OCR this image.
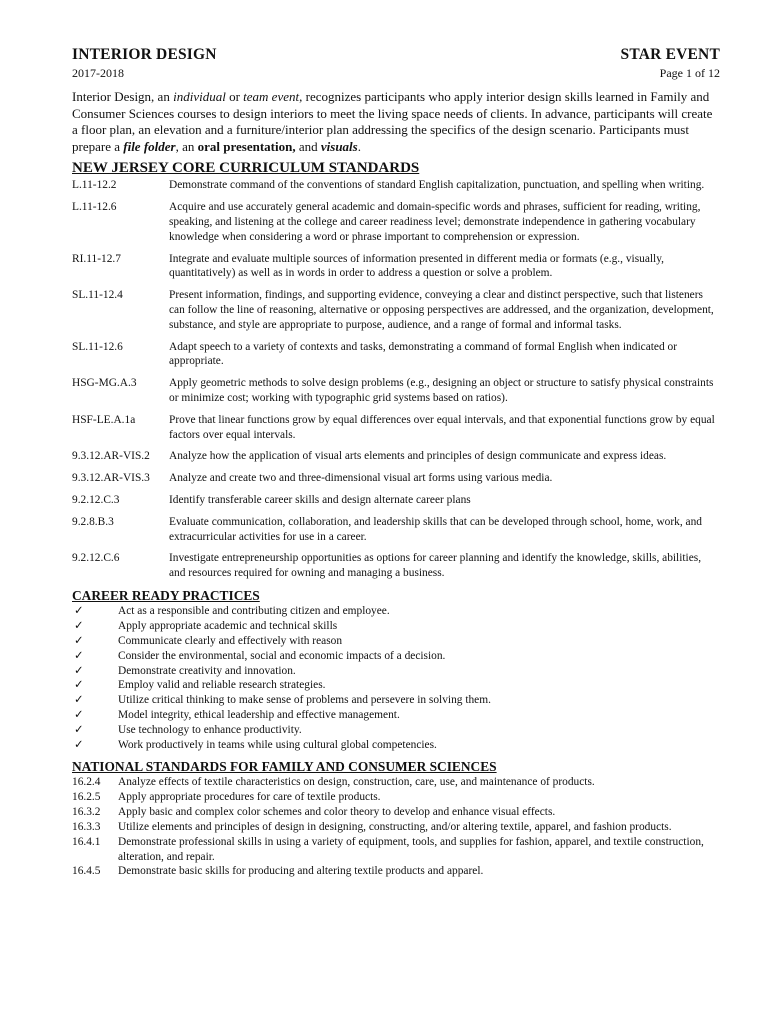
INTERIOR DESIGN	STAR EVENT
2017-2018	Page 1 of 12
Interior Design, an individual or team event, recognizes participants who apply interior design skills learned in Family and Consumer Sciences courses to design interiors to meet the living space needs of clients. In advance, participants will create a floor plan, an elevation and a furniture/interior plan addressing the specifics of the design scenario. Participants must prepare a file folder, an oral presentation, and visuals.
NEW JERSEY CORE CURRICULUM STANDARDS
L.11-12.2	Demonstrate command of the conventions of standard English capitalization, punctuation, and spelling when writing.
L.11-12.6	Acquire and use accurately general academic and domain-specific words and phrases, sufficient for reading, writing, speaking, and listening at the college and career readiness level; demonstrate independence in gathering vocabulary knowledge when considering a word or phrase important to comprehension or expression.
RI.11-12.7	Integrate and evaluate multiple sources of information presented in different media or formats (e.g., visually, quantitatively) as well as in words in order to address a question or solve a problem.
SL.11-12.4	Present information, findings, and supporting evidence, conveying a clear and distinct perspective, such that listeners can follow the line of reasoning, alternative or opposing perspectives are addressed, and the organization, development, substance, and style are appropriate to purpose, audience, and a range of formal and informal tasks.
SL.11-12.6	Adapt speech to a variety of contexts and tasks, demonstrating a command of formal English when indicated or appropriate.
HSG-MG.A.3	Apply geometric methods to solve design problems (e.g., designing an object or structure to satisfy physical constraints or minimize cost; working with typographic grid systems based on ratios).
HSF-LE.A.1a	Prove that linear functions grow by equal differences over equal intervals, and that exponential functions grow by equal factors over equal intervals.
9.3.12.AR-VIS.2	Analyze how the application of visual arts elements and principles of design communicate and express ideas.
9.3.12.AR-VIS.3	Analyze and create two and three‐dimensional visual art forms using various media.
9.2.12.C.3	Identify transferable career skills and design alternate career plans
9.2.8.B.3	Evaluate communication, collaboration, and leadership skills that can be developed through school, home, work, and extracurricular activities for use in a career.
9.2.12.C.6	Investigate entrepreneurship opportunities as options for career planning and identify the knowledge, skills, abilities, and resources required for owning and managing a business.
CAREER READY PRACTICES
✓	Act as a responsible and contributing citizen and employee.
✓	Apply appropriate academic and technical skills
✓	Communicate clearly and effectively with reason
✓	Consider the environmental, social and economic impacts of a decision.
✓	Demonstrate creativity and innovation.
✓	Employ valid and reliable research strategies.
✓	Utilize critical thinking to make sense of problems and persevere in solving them.
✓	Model integrity, ethical leadership and effective management.
✓	Use technology to enhance productivity.
✓	Work productively in teams while using cultural global competencies.
NATIONAL STANDARDS FOR FAMILY AND CONSUMER SCIENCES
16.2.4	Analyze effects of textile characteristics on design, construction, care, use, and maintenance of products.
16.2.5	Apply appropriate procedures for care of textile products.
16.3.2	Apply basic and complex color schemes and color theory to develop and enhance visual effects.
16.3.3	Utilize elements and principles of design in designing, constructing, and/or altering textile, apparel, and fashion products.
16.4.1	Demonstrate professional skills in using a variety of equipment, tools, and supplies for fashion, apparel, and textile construction, alteration, and repair.
16.4.5	Demonstrate basic skills for producing and altering textile products and apparel.
